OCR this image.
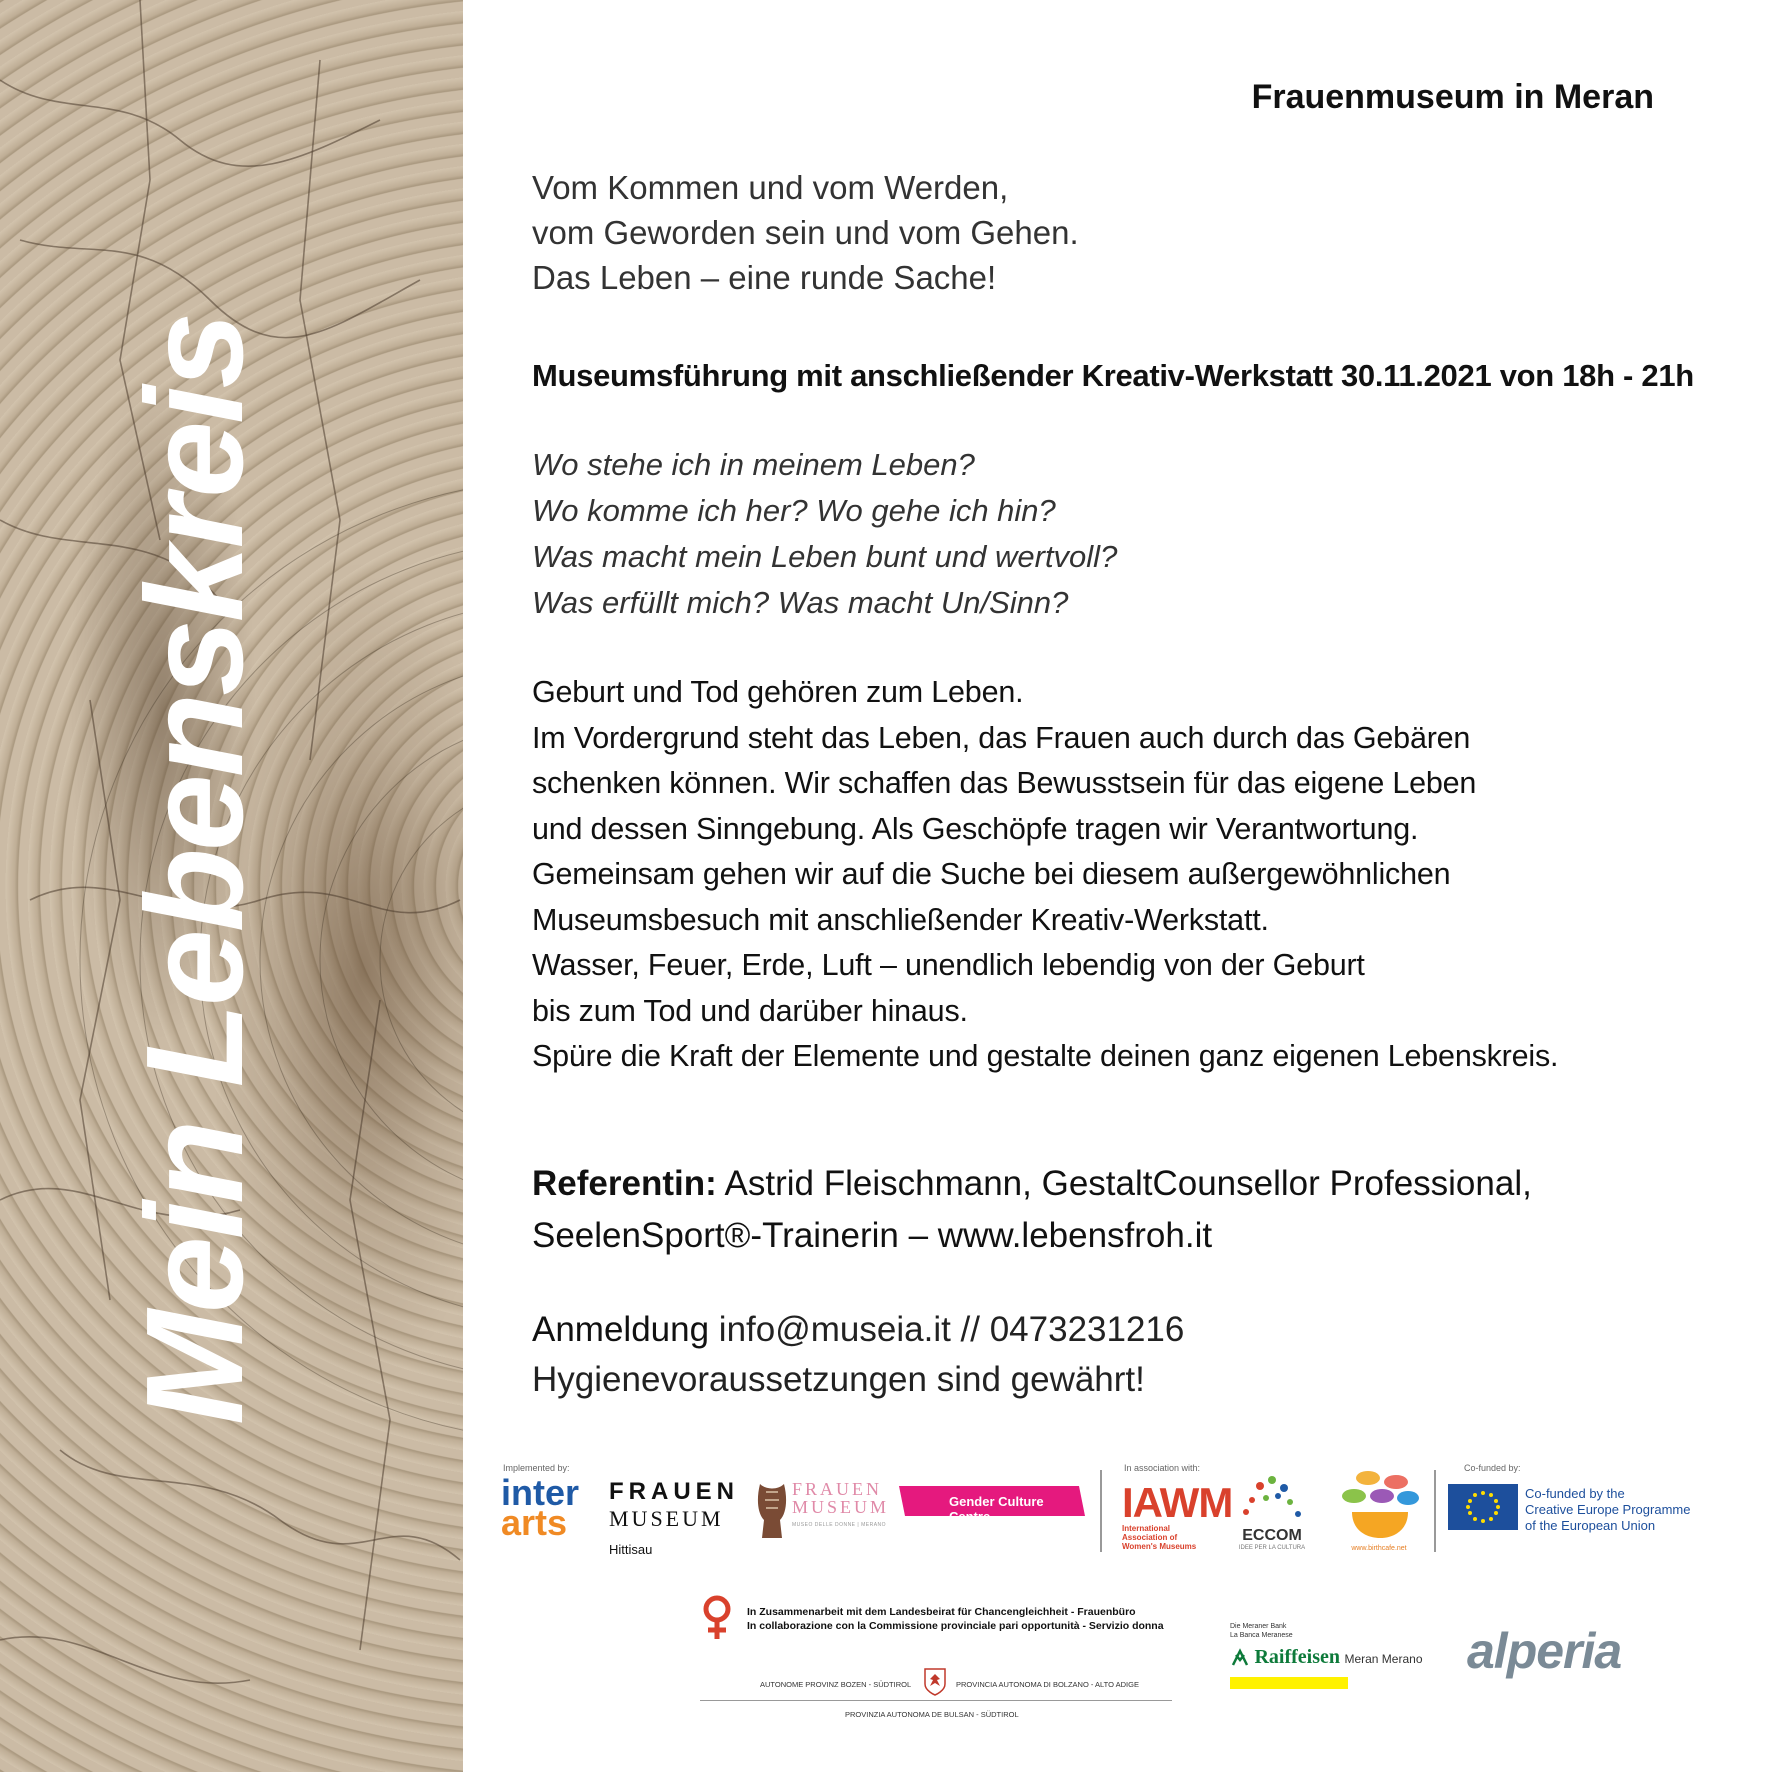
Mein Lebenskreis
Frauenmuseum in Meran
Vom Kommen und vom Werden,
vom Geworden sein und vom Gehen.
Das Leben – eine runde Sache!
Museumsführung mit anschließender Kreativ-Werkstatt 30.11.2021 von 18h - 21h
Wo stehe ich in meinem Leben?
Wo komme ich her? Wo gehe ich hin?
Was macht mein Leben bunt und wertvoll?
Was erfüllt mich? Was macht Un/Sinn?
Geburt und Tod gehören zum Leben.
Im Vordergrund steht das Leben, das Frauen auch durch das Gebären
schenken können. Wir schaffen das Bewusstsein für das eigene Leben
und dessen Sinngebung. Als Geschöpfe tragen wir Verantwortung.
Gemeinsam gehen wir auf die Suche bei diesem außergewöhnlichen
Museumsbesuch mit anschließender Kreativ-Werkstatt.
Wasser, Feuer, Erde, Luft – unendlich lebendig von der Geburt
bis zum Tod und darüber hinaus.
Spüre die Kraft der Elemente und gestalte deinen ganz eigenen Lebenskreis.
Referentin: Astrid Fleischmann, GestaltCounsellor Professional,
SeelenSport®-Trainerin – www.lebensfroh.it
Anmeldung info@museia.it // 0473231216
Hygienevoraussetzungen sind gewährt!
Implemented by:
inter
arts
FRAUEN
MUSEUM
Hittisau
FRAUEN
MUSEUM
MUSEO DELLE DONNE | MERANO
Gender Culture Centre
In association with:
IAWM
International Association of Women's Museums
ECCOM
IDEE PER LA CULTURA	www.birthcafe.net
Co-funded by:
Co-funded by the
Creative Europe Programme
of the European Union
In Zusammenarbeit mit dem Landesbeirat für Chancengleichheit - Frauenbüro
In collaborazione con la Commissione provinciale pari opportunità - Servizio donna
AUTONOME PROVINZ BOZEN - SÜDTIROL	PROVINCIA AUTONOMA DI BOLZANO - ALTO ADIGE
PROVINZIA AUTONOMA DE BULSAN - SÜDTIROL
Die Meraner Bank
La Banca Meranese
Raiffeisen Meran Merano alperia
